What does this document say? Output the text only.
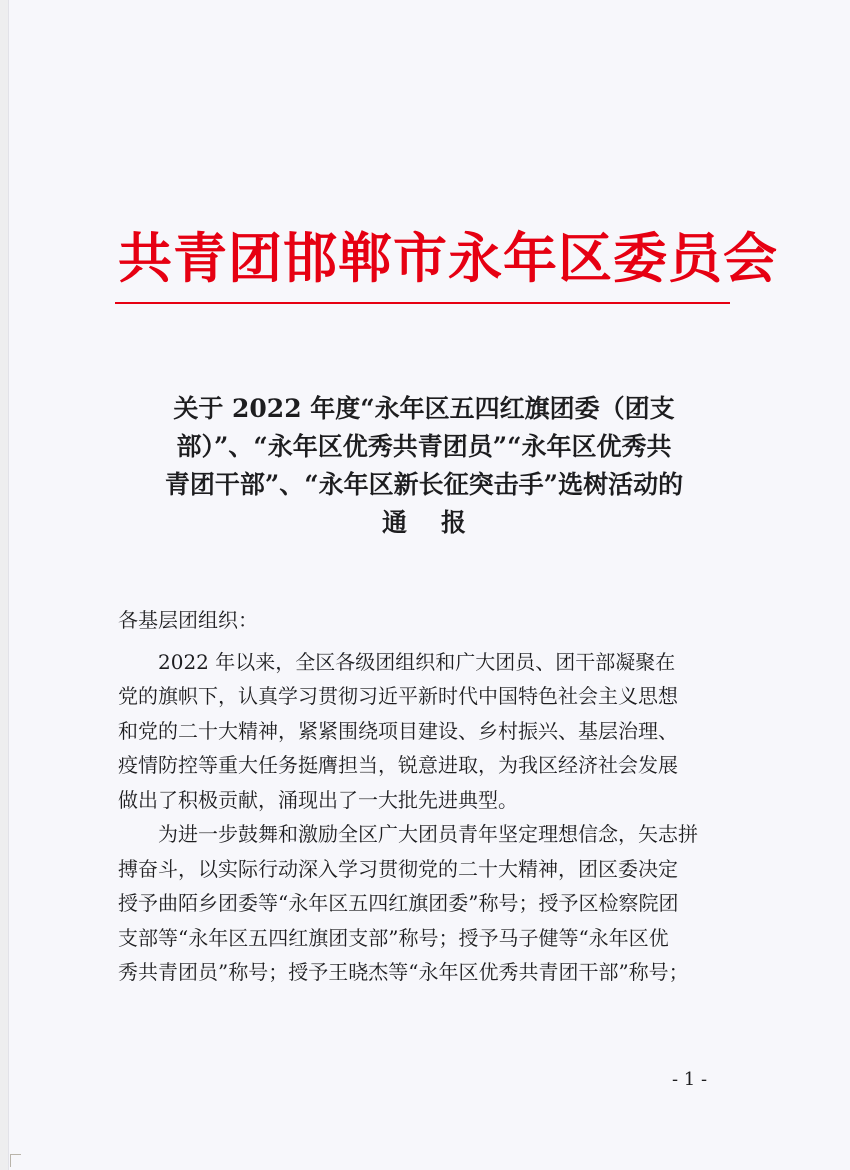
共青团邯郸市永年区委员会
关于 2022 年度“永年区五四红旗团委（团支
部）”、“永年区优秀共青团员”“永年区优秀共
青团干部”、“永年区新长征突击手”选树活动的
通报
各基层团组织：
2022 年以来，全区各级团组织和广大团员、团干部凝聚在
党的旗帜下，认真学习贯彻习近平新时代中国特色社会主义思想
和党的二十大精神，紧紧围绕项目建设、乡村振兴、基层治理、
疫情防控等重大任务挺膺担当，锐意进取，为我区经济社会发展
做出了积极贡献，涌现出了一大批先进典型。
为进一步鼓舞和激励全区广大团员青年坚定理想信念，矢志拼
搏奋斗，以实际行动深入学习贯彻党的二十大精神，团区委决定
授予曲陌乡团委等“永年区五四红旗团委”称号；授予区检察院团
支部等“永年区五四红旗团支部”称号；授予马子健等“永年区优
秀共青团员”称号；授予王晓杰等“永年区优秀共青团干部”称号；
- 1 -
